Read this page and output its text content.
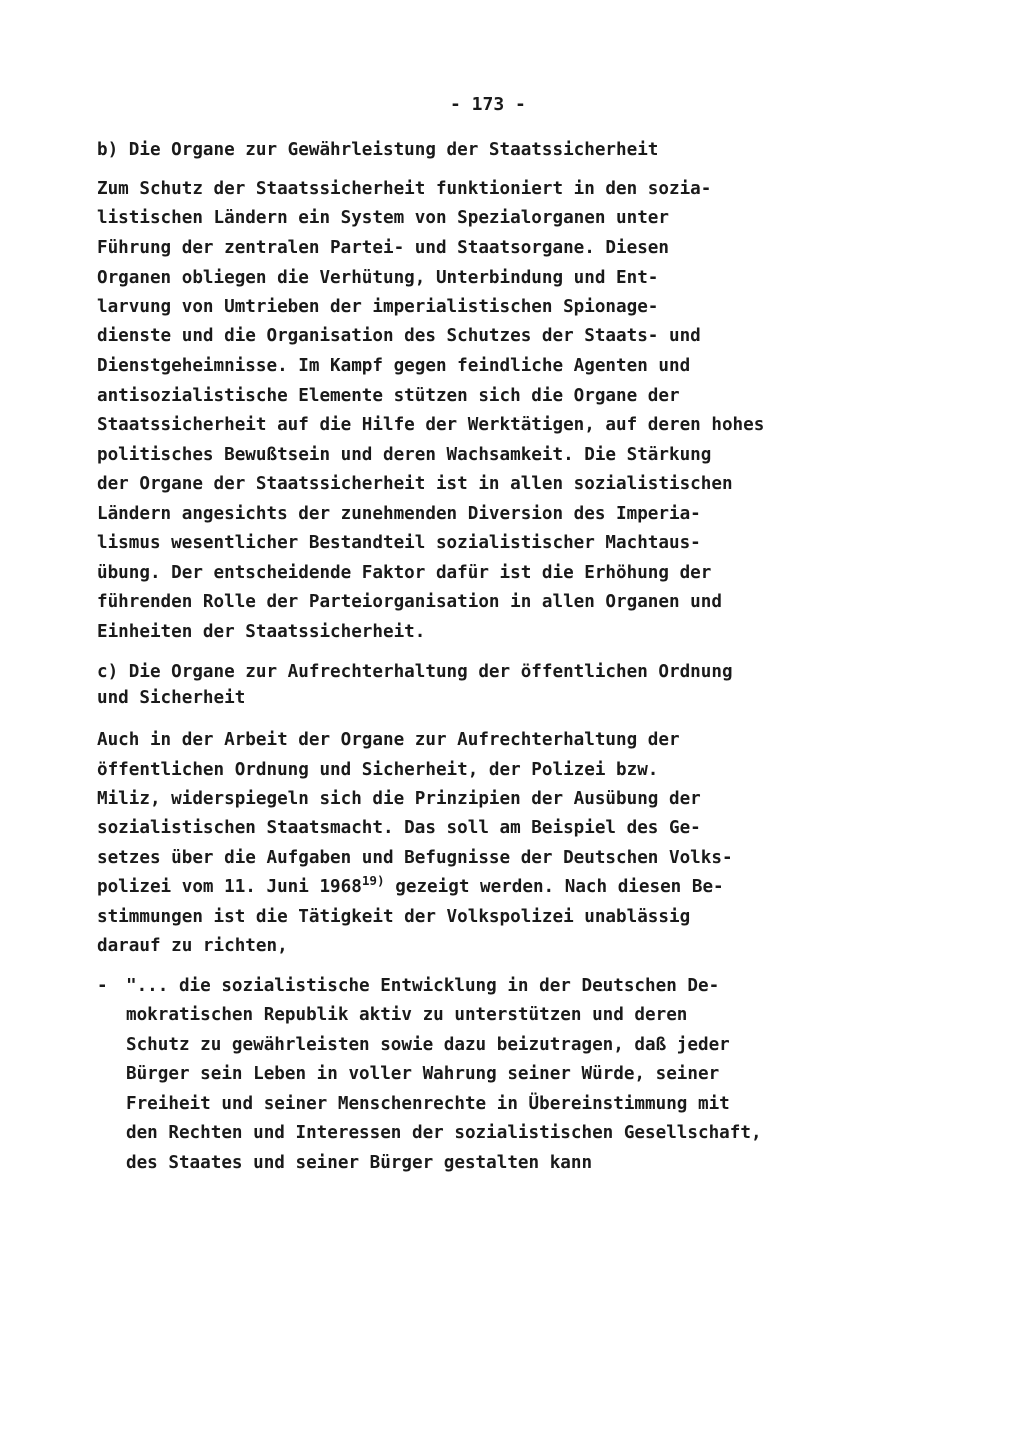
- 173 -
b) Die Organe zur Gewährleistung der Staatssicherheit
Zum Schutz der Staatssicherheit funktioniert in den sozia-
listischen Ländern ein System von Spezialorganen unter
Führung der zentralen Partei- und Staatsorgane. Diesen
Organen obliegen die Verhütung, Unterbindung und Ent-
larvung von Umtrieben der imperialistischen Spionage-
dienste und die Organisation des Schutzes der Staats- und
Dienstgeheimnisse. Im Kampf gegen feindliche Agenten und
antisozialistische Elemente stützen sich die Organe der
Staatssicherheit auf die Hilfe der Werktätigen, auf deren hohes
politisches Bewußtsein und deren Wachsamkeit. Die Stärkung
der Organe der Staatssicherheit ist in allen sozialistischen
Ländern angesichts der zunehmenden Diversion des Imperia-
lismus wesentlicher Bestandteil sozialistischer Machtaus-
übung. Der entscheidende Faktor dafür ist die Erhöhung der
führenden Rolle der Parteiorganisation in allen Organen und
Einheiten der Staatssicherheit.
c) Die Organe zur Aufrechterhaltung der öffentlichen Ordnung
und Sicherheit
Auch in der Arbeit der Organe zur Aufrechterhaltung der
öffentlichen Ordnung und Sicherheit, der Polizei bzw.
Miliz, widerspiegeln sich die Prinzipien der Ausübung der
sozialistischen Staatsmacht. Das soll am Beispiel des Ge-
setzes über die Aufgaben und Befugnisse der Deutschen Volks-
polizei vom 11. Juni 1968$^{19)}$ gezeigt werden. Nach diesen Be-
stimmungen ist die Tätigkeit der Volkspolizei unablässig
darauf zu richten,
- "... die sozialistische Entwicklung in der Deutschen De-
mokratischen Republik aktiv zu unterstützen und deren
Schutz zu gewährleisten sowie dazu beizutragen, daß jeder
Bürger sein Leben in voller Wahrung seiner Würde, seiner
Freiheit und seiner Menschenrechte in Übereinstimmung mit
den Rechten und Interessen der sozialistischen Gesellschaft,
des Staates und seiner Bürger gestalten kann
